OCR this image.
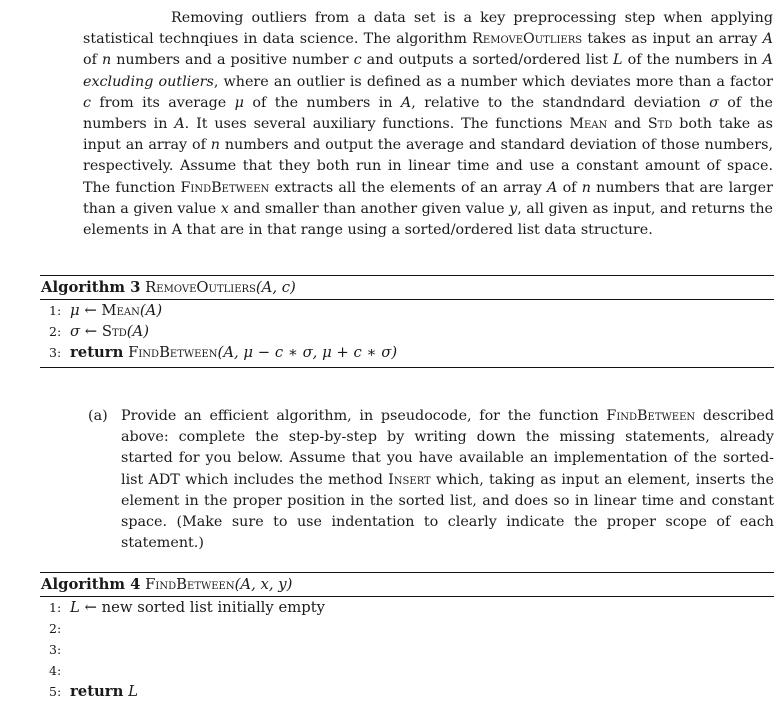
Removing outliers from a data set is a key preprocessing step when applying statistical technqiues in data science. The algorithm RemoveOutliers takes as input an array A of n numbers and a positive number c and outputs a sorted/ordered list L of the numbers in A excluding outliers, where an outlier is defined as a number which deviates more than a factor c from its average μ of the numbers in A, relative to the standndard deviation σ of the numbers in A. It uses several auxiliary functions. The functions Mean and Std both take as input an array of n numbers and output the average and standard deviation of those numbers, respectively. Assume that they both run in linear time and use a constant amount of space. The function FindBetween extracts all the elements of an array A of n numbers that are larger than a given value x and smaller than another given value y, all given as input, and returns the elements in A that are in that range using a sorted/ordered list data structure.

Algorithm 3 RemoveOutliers(A, c)
1: μ ← Mean(A)
2: σ ← Std(A)
3: return FindBetween(A, μ − c ∗ σ, μ + c ∗ σ)
(a) Provide an efficient algorithm, in pseudocode, for the function FindBetween described above: complete the step-by-step by writing down the missing statements, already started for you below. Assume that you have available an implementation of the sorted-list ADT which includes the method Insert which, taking as input an element, inserts the element in the proper position in the sorted list, and does so in linear time and constant space. (Make sure to use indentation to clearly indicate the proper scope of each statement.)
Algorithm 4 FindBetween(A, x, y)
1: L ← new sorted list initially empty
2:
3:
4:
5: return L
